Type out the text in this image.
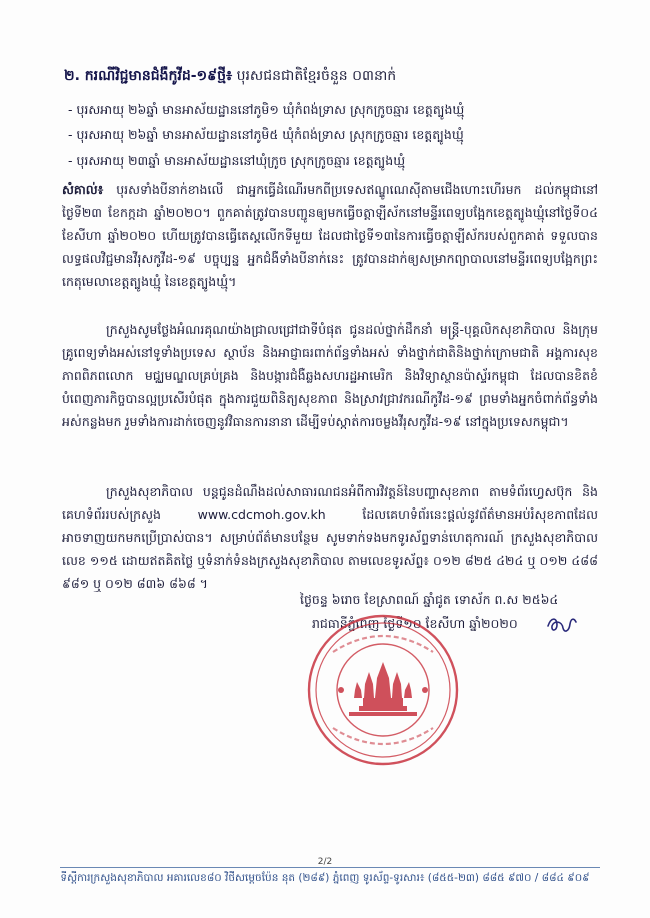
២. ករណីវិជ្ជមានជំងឺកូវីដ-១៩ថ្មី៖ បុរសជនជាតិខ្មែរចំនួន ០៣នាក់
- បុរសអាយុ ២៦ឆ្នាំ មានអាស័យដ្ឋាននៅភូមិ១ ឃុំកំពង់ទ្រាស ស្រុកក្រូចឆ្មារ ខេត្តត្បូងឃ្មុំ
- បុរសអាយុ ២៦ឆ្នាំ មានអាស័យដ្ឋាននៅភូមិ៥ ឃុំកំពង់ទ្រាស ស្រុកក្រូចឆ្មារ ខេត្តត្បូងឃ្មុំ
- បុរសអាយុ ២៣ឆ្នាំ មានអាស័យដ្ឋាននៅឃុំក្រូច ស្រុកក្រូចឆ្មារ ខេត្តត្បូងឃ្មុំ
សំគាល់៖ បុរសទាំងបីនាក់ខាងលើ ជាអ្នកធ្វើដំណើរមកពីប្រទេសឥណ្ឌូណេស៊ីតាមជើងហោះហើរមក ដល់កម្ពុជានៅថ្ងៃទី២៣ ខែកក្កដា ឆ្នាំ២០២០។ ពួកគាត់ត្រូវបានបញ្ជូនឲ្យមកធ្វើចត្តាឡីស័កនៅមន្ទីរពេទ្យបង្អែកខេត្តត្បូងឃ្មុំនៅថ្ងៃទី០៤ ខែសីហា ឆ្នាំ២០២០ ហើយត្រូវបានធ្វើតេស្តលើកទីមួយ ដែលជាថ្ងៃទី១៣នៃការធ្វើចត្តាឡីស័ករបស់ពួកគាត់ ទទួលបានលទ្ធផលវិជ្ជមានវីរុសកូវីដ-១៩ បច្ចុប្បន្ន អ្នកជំងឺទាំងបីនាក់នេះ ត្រូវបានដាក់ឲ្យសម្រាកព្យាបាលនៅមន្ទីរពេទ្យបង្អែកព្រះកេតុមេលាខេត្តត្បូងឃ្មុំ នៃខេត្តត្បូងឃ្មុំ។
ក្រសួងសូមថ្លែងអំណរគុណយ៉ាងជ្រាលជ្រៅជាទីបំផុត ជូនដល់ថ្នាក់ដឹកនាំ មន្ត្រី-បុគ្គលិកសុខាភិបាល និងក្រុមគ្រូពេទ្យទាំងអស់នៅទូទាំងប្រទេស ស្ថាប័ន និងអាជ្ញាធរពាក់ព័ន្ធទាំងអស់ ទាំងថ្នាក់ជាតិនិងថ្នាក់ក្រោមជាតិ អង្គការសុខភាពពិភពលោក មជ្ឈមណ្ឌលគ្រប់គ្រង និងបង្ការជំងឺឆ្លងសហរដ្ឋអាមេរិក និងវិទ្យាស្ថានប៉ាស្ទ័រកម្ពុជា ដែលបានខិតខំបំពេញភារកិច្ចបានល្អប្រសើរបំផុត ក្នុងការជួយពិនិត្យសុខភាព និងស្រាវជ្រាវករណីកូវីដ-១៩ ព្រមទាំងអ្នកចំពាក់ព័ន្ធទាំងអស់កន្លងមក រួមទាំងការដាក់ចេញនូវវិធានការនានា ដើម្បីទប់ស្កាត់ការចម្លងវីរុសកូវីដ-១៩ នៅក្នុងប្រទេសកម្ពុជា។
ក្រសួងសុខាភិបាល បន្តជូនដំណឹងដល់សាធារណជនអំពីការវិវត្តន៍នៃបញ្ហាសុខភាព តាមទំព័រហ្វេសប៊ុក និងគេហទំព័ររបស់ក្រសួង www.cdcmoh.gov.kh ដែលគេហទំព័រនេះផ្តល់នូវព័ត៌មានអប់រំសុខភាពដែលអាចទាញយកមកប្រើប្រាស់បាន។ សម្រាប់ព័ត៌មានបន្ថែម សូមទាក់ទងមកទូរស័ព្ទទាន់ហេតុការណ៍ ក្រសួងសុខាភិបាល លេខ ១១៥ ដោយឥតគិតថ្លៃ ឬទំនាក់ទំនងក្រសួងសុខាភិបាល តាមលេខទូរស័ព្ទ៖ ០១២ ៨២៥ ៤២៤ ឬ ០១២ ៤៨៨ ៩៨១ ឬ ០១២ ៨៣៦ ៨៦៨ ។
ថ្ងៃចន្ទ ៦រោច ខែស្រាពណ៍ ឆ្នាំជូត ទោស័ក ព.ស ២៥៦៤
រាជធានីភ្នំពេញ ថ្ងៃទី១០ ខែសីហា ឆ្នាំ២០២០
2/2
ទីស្តីការក្រសួងសុខាភិបាល អគារលេខ៨០ វិថីសម្តេចប៉ែន នុត (២៨៩) ភ្នំពេញ ទូរស័ព្ទ-ទូរសារ៖ (៨៥៥-២៣) ៨៨៥ ៩៧០ / ៨៨៤ ៩០៩
